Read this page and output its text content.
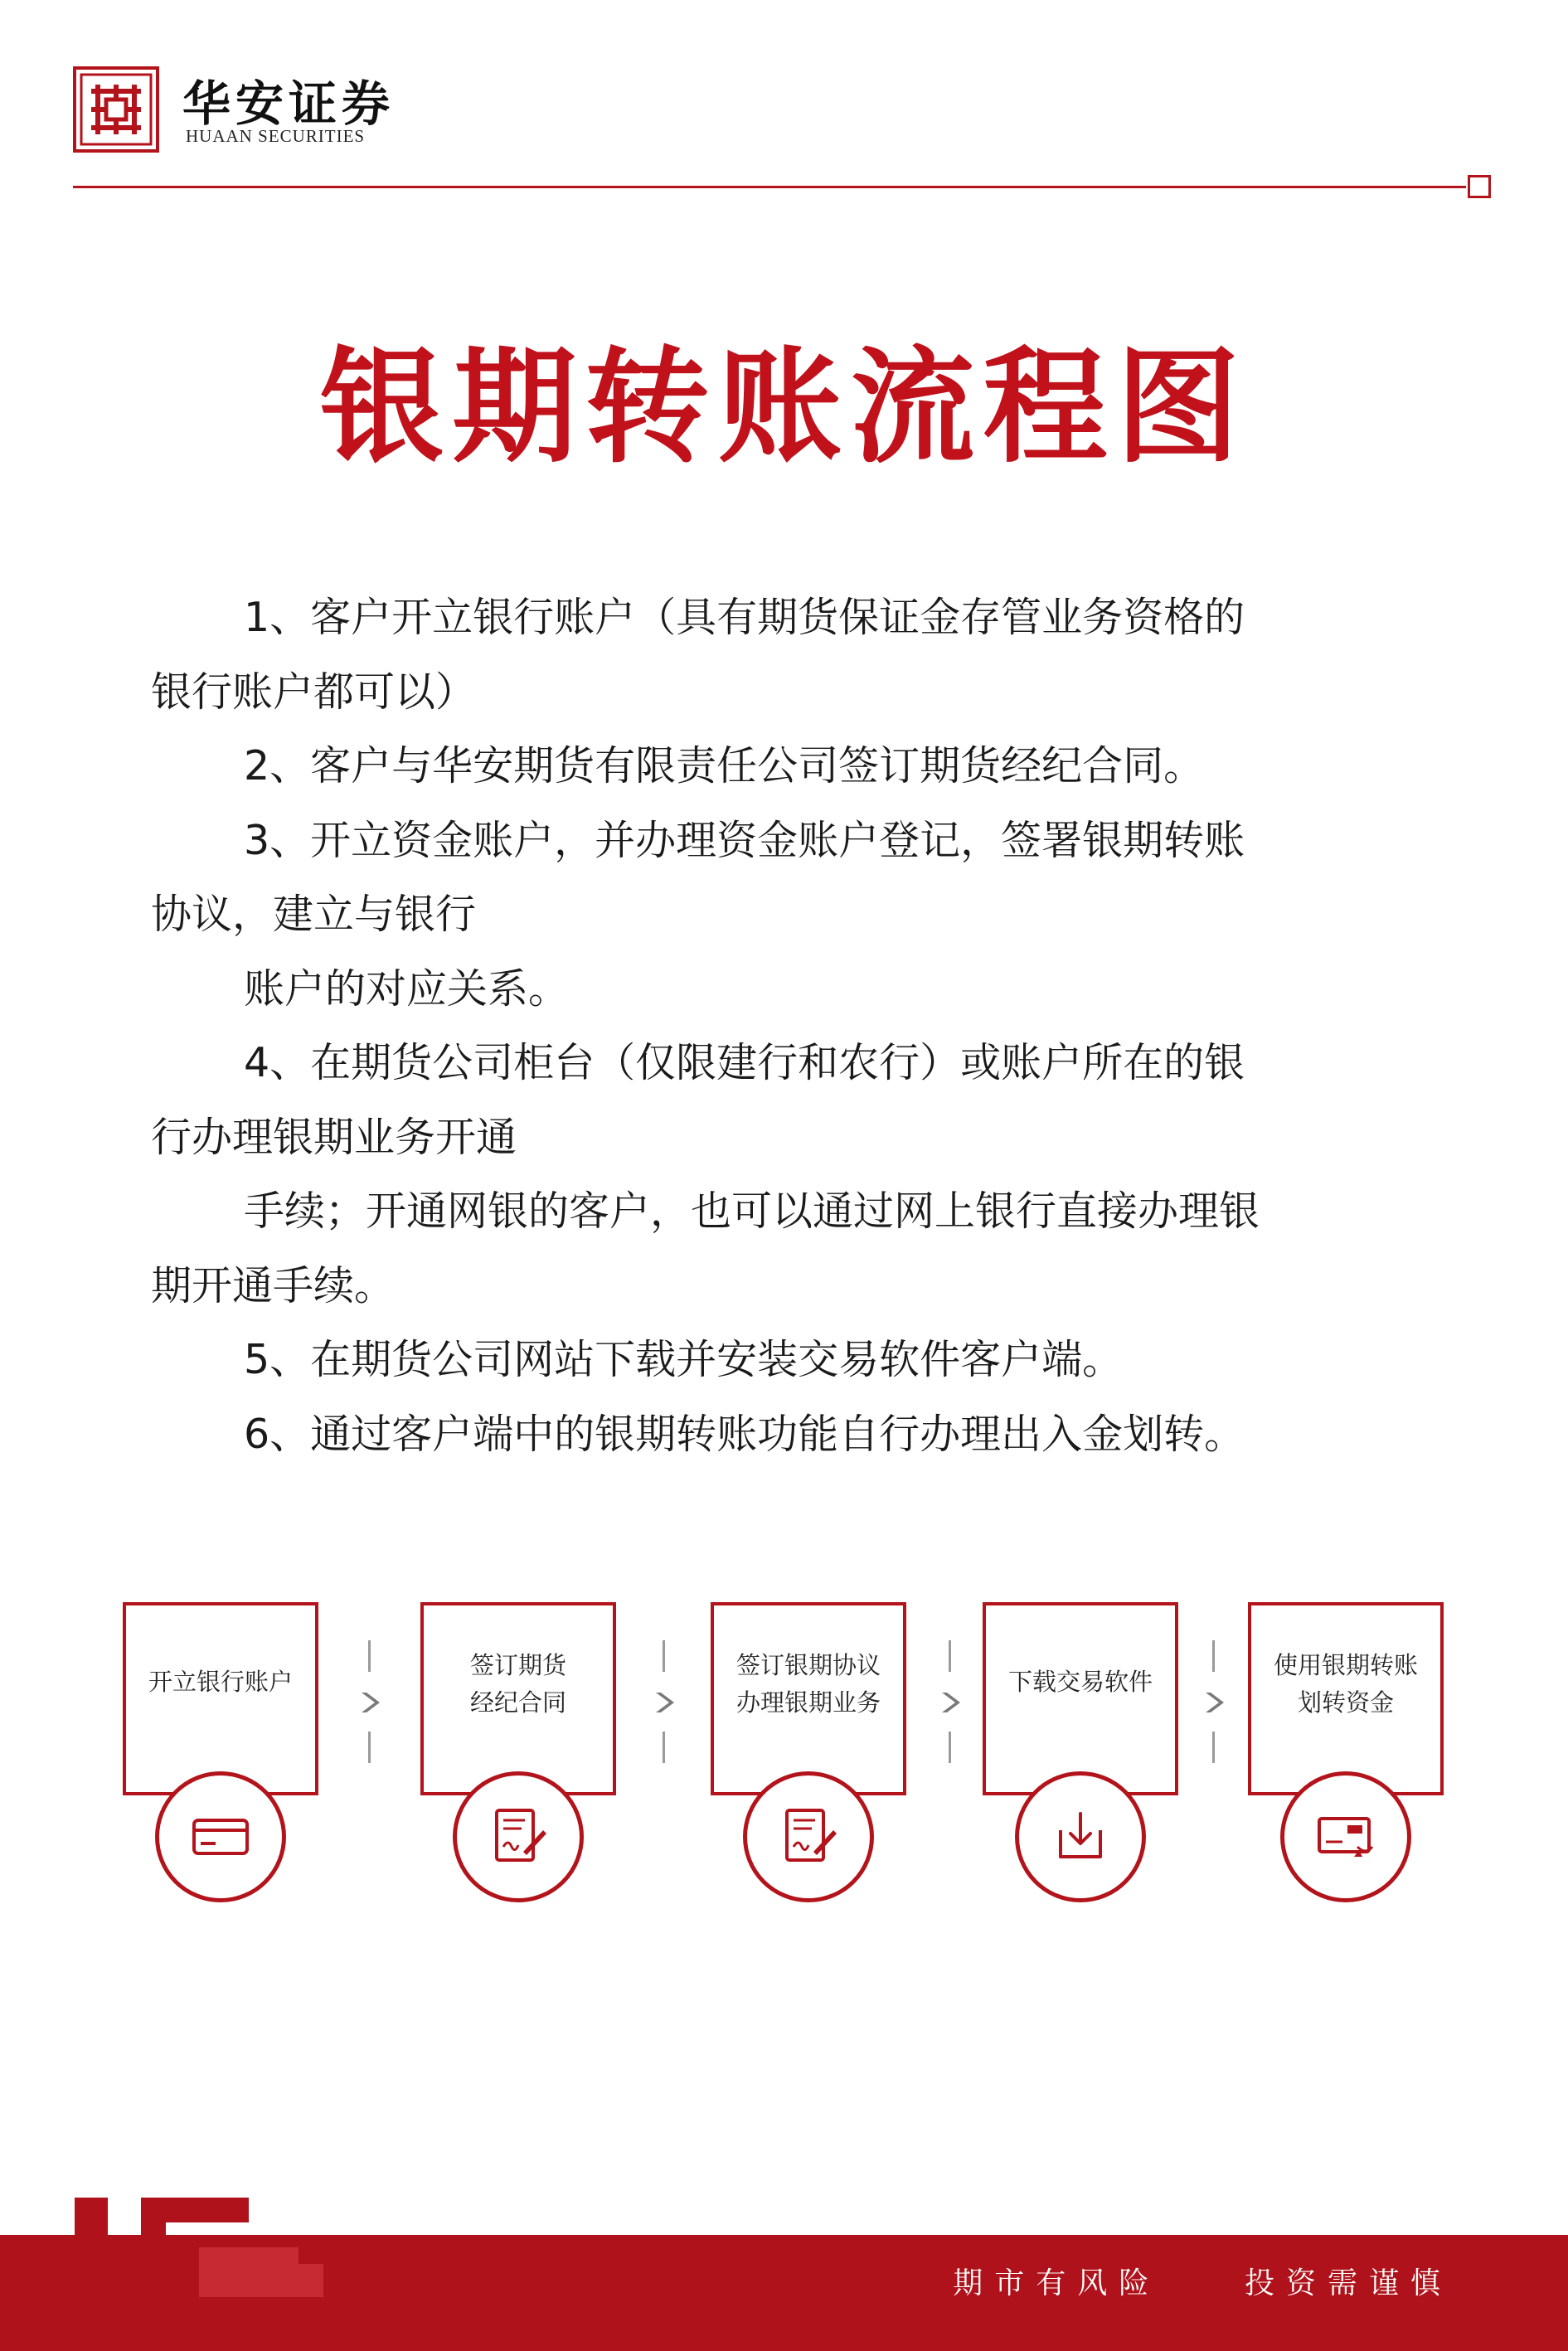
华安证券
HUAAN SECURITIES
银期转账流程图
1、客户开立银行账户（具有期货保证金存管业务资格的
银行账户都可以）
2、客户与华安期货有限责任公司签订期货经纪合同。
3、开立资金账户，并办理资金账户登记，签署银期转账
协议，建立与银行
账户的对应关系。
4、在期货公司柜台（仅限建行和农行）或账户所在的银
行办理银期业务开通
手续；开通网银的客户，也可以通过网上银行直接办理银
期开通手续。
5、在期货公司网站下载并安装交易软件客户端。
6、通过客户端中的银期转账功能自行办理出入金划转。
开立银行账户
签订期货
经纪合同
签订银期协议
办理银期业务
下载交易软件
使用银期转账
划转资金
期市有风险    投资需谨慎
